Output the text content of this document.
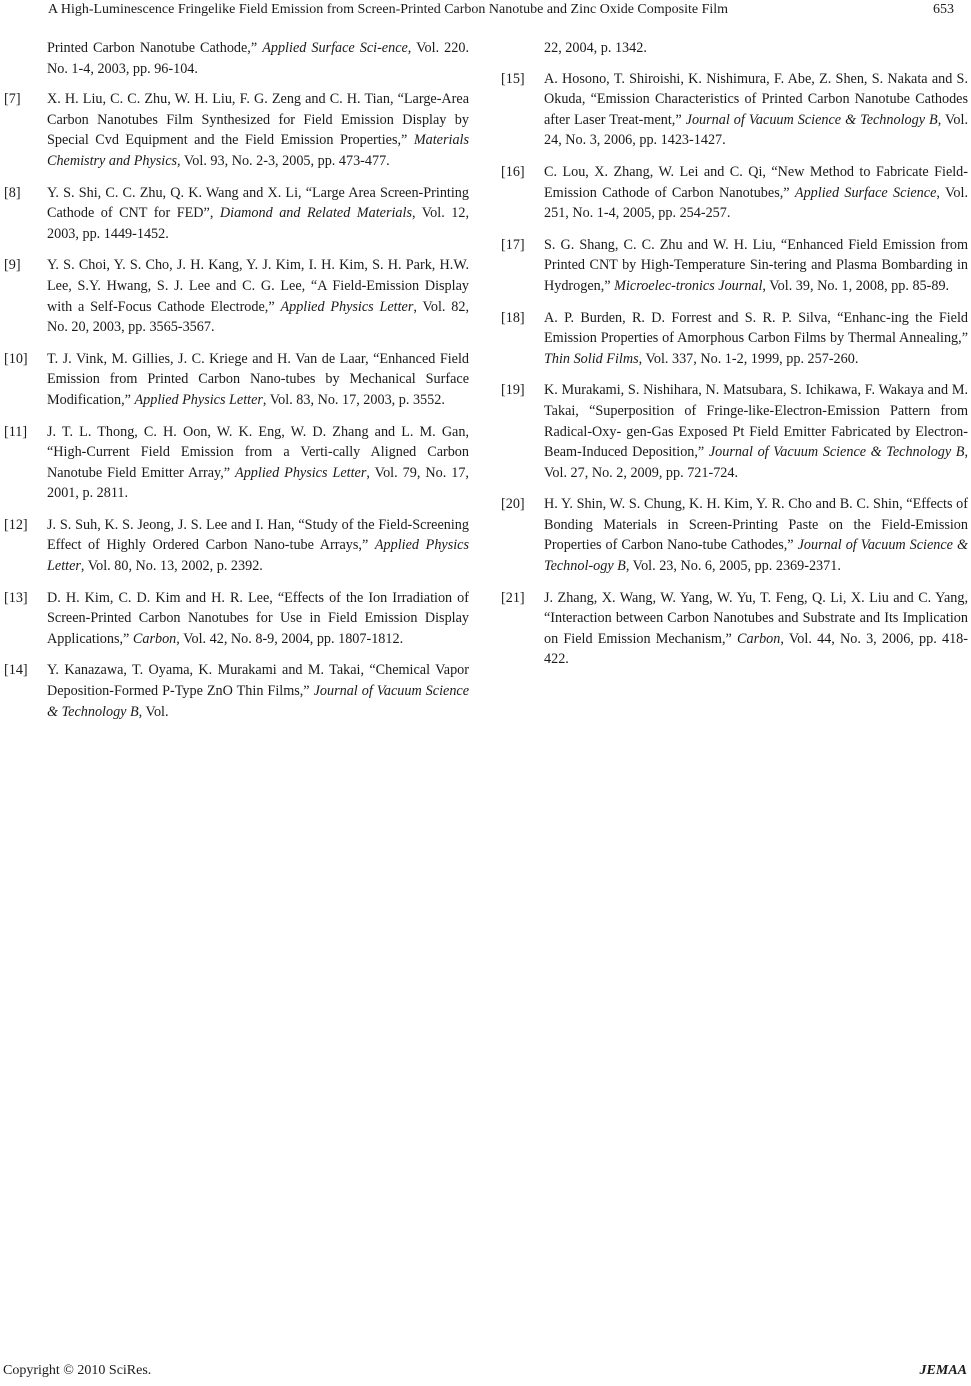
A High-Luminescence Fringelike Field Emission from Screen-Printed Carbon Nanotube and Zinc Oxide Composite Film	653
Printed Carbon Nanotube Cathode,” Applied Surface Sci-ence, Vol. 220. No. 1-4, 2003, pp. 96-104.
[7] X. H. Liu, C. C. Zhu, W. H. Liu, F. G. Zeng and C. H. Tian, “Large-Area Carbon Nanotubes Film Synthesized for Field Emission Display by Special Cvd Equipment and the Field Emission Properties,” Materials Chemistry and Physics, Vol. 93, No. 2-3, 2005, pp. 473-477.
[8] Y. S. Shi, C. C. Zhu, Q. K. Wang and X. Li, “Large Area Screen-Printing Cathode of CNT for FED”, Diamond and Related Materials, Vol. 12, 2003, pp. 1449-1452.
[9] Y. S. Choi, Y. S. Cho, J. H. Kang, Y. J. Kim, I. H. Kim, S. H. Park, H.W. Lee, S.Y. Hwang, S. J. Lee and C. G. Lee, “A Field-Emission Display with a Self-Focus Cathode Electrode,” Applied Physics Letter, Vol. 82, No. 20, 2003, pp. 3565-3567.
[10] T. J. Vink, M. Gillies, J. C. Kriege and H. Van de Laar, “Enhanced Field Emission from Printed Carbon Nano-tubes by Mechanical Surface Modification,” Applied Physics Letter, Vol. 83, No. 17, 2003, p. 3552.
[11] J. T. L. Thong, C. H. Oon, W. K. Eng, W. D. Zhang and L. M. Gan, “High-Current Field Emission from a Verti-cally Aligned Carbon Nanotube Field Emitter Array,” Applied Physics Letter, Vol. 79, No. 17, 2001, p. 2811.
[12] J. S. Suh, K. S. Jeong, J. S. Lee and I. Han, “Study of the Field-Screening Effect of Highly Ordered Carbon Nano-tube Arrays,” Applied Physics Letter, Vol. 80, No. 13, 2002, p. 2392.
[13] D. H. Kim, C. D. Kim and H. R. Lee, “Effects of the Ion Irradiation of Screen-Printed Carbon Nanotubes for Use in Field Emission Display Applications,” Carbon, Vol. 42, No. 8-9, 2004, pp. 1807-1812.
[14] Y. Kanazawa, T. Oyama, K. Murakami and M. Takai, “Chemical Vapor Deposition-Formed P-Type ZnO Thin Films,” Journal of Vacuum Science & Technology B, Vol.
22, 2004, p. 1342.
[15] A. Hosono, T. Shiroishi, K. Nishimura, F. Abe, Z. Shen, S. Nakata and S. Okuda, “Emission Characteristics of Printed Carbon Nanotube Cathodes after Laser Treat-ment,” Journal of Vacuum Science & Technology B, Vol. 24, No. 3, 2006, pp. 1423-1427.
[16] C. Lou, X. Zhang, W. Lei and C. Qi, “New Method to Fabricate Field-Emission Cathode of Carbon Nanotubes,” Applied Surface Science, Vol. 251, No. 1-4, 2005, pp. 254-257.
[17] S. G. Shang, C. C. Zhu and W. H. Liu, “Enhanced Field Emission from Printed CNT by High-Temperature Sin-tering and Plasma Bombarding in Hydrogen,” Microelec-tronics Journal, Vol. 39, No. 1, 2008, pp. 85-89.
[18] A. P. Burden, R. D. Forrest and S. R. P. Silva, “Enhanc-ing the Field Emission Properties of Amorphous Carbon Films by Thermal Annealing,” Thin Solid Films, Vol. 337, No. 1-2, 1999, pp. 257-260.
[19] K. Murakami, S. Nishihara, N. Matsubara, S. Ichikawa, F. Wakaya and M. Takai, “Superposition of Fringe-like-Electron-Emission Pattern from Radical-Oxy- gen-Gas Exposed Pt Field Emitter Fabricated by Electron-Beam-Induced Deposition,” Journal of Vacuum Science & Technology B, Vol. 27, No. 2, 2009, pp. 721-724.
[20] H. Y. Shin, W. S. Chung, K. H. Kim, Y. R. Cho and B. C. Shin, “Effects of Bonding Materials in Screen-Printing Paste on the Field-Emission Properties of Carbon Nano-tube Cathodes,” Journal of Vacuum Science & Technol-ogy B, Vol. 23, No. 6, 2005, pp. 2369-2371.
[21] J. Zhang, X. Wang, W. Yang, W. Yu, T. Feng, Q. Li, X. Liu and C. Yang, “Interaction between Carbon Nanotubes and Substrate and Its Implication on Field Emission Mechanism,” Carbon, Vol. 44, No. 3, 2006, pp. 418-422.
Copyright © 2010 SciRes.	JEMAA
